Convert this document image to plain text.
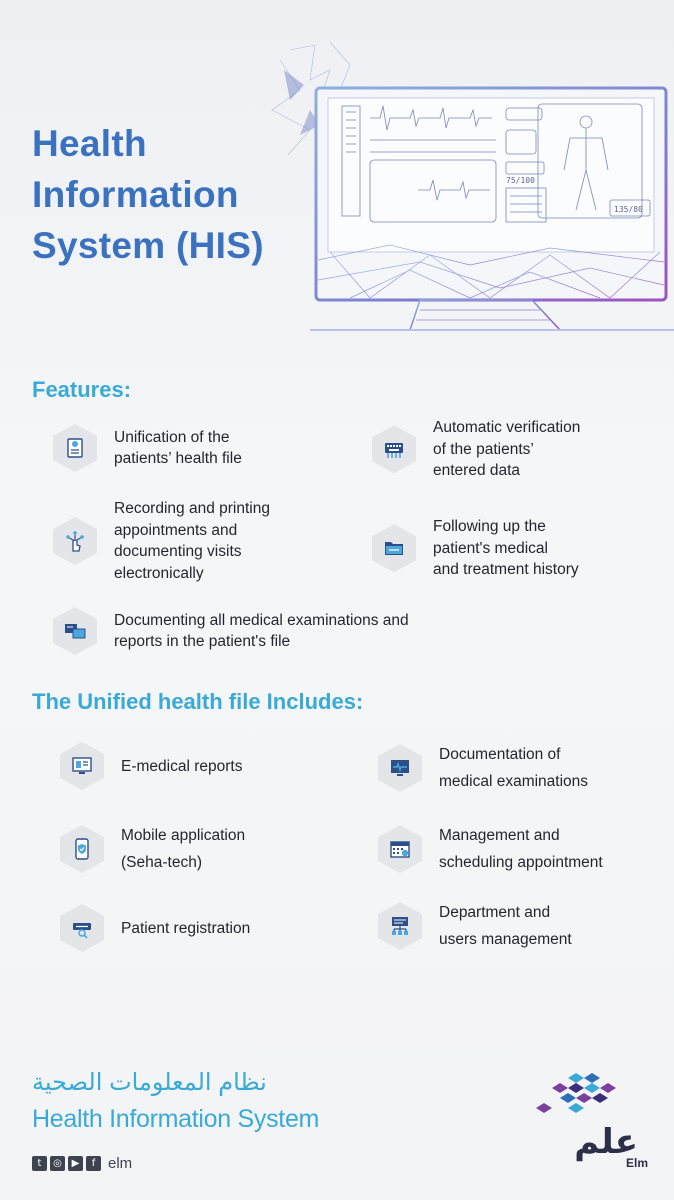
Health
Information
System (HIS)
75/100
135/80
Features:
Unification of the
patients’ health file
Automatic verification
of the patients’
entered data
Recording and printing
appointments and
documenting visits
electronically
Following up the
patient's medical
and treatment history
Documenting all medical examinations and
reports in the patient's file
The Unified health file Includes:
E-medical reports
Documentation of
medical examinations
Mobile application
(Seha-tech)
Management and
scheduling appointment
Patient registration
Department and
users management
نظام المعلومات الصحية
Health Information System
t	◎ ▶	f elm
علم
Elm
